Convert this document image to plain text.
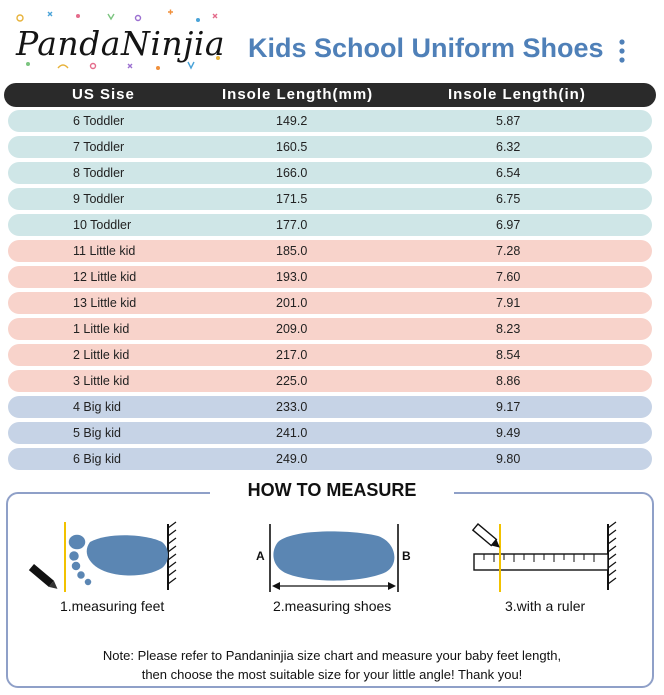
PandaNinjia Kids School Uniform Shoes
US Sise	Insole Length(mm)	Insole Length(in)
6 Toddler	149.2	5.87
7 Toddler	160.5	6.32
8 Toddler	166.0	6.54
9 Toddler	171.5	6.75
10 Toddler	177.0	6.97
11 Little kid	185.0	7.28
12 Little kid	193.0	7.60
13 Little kid	201.0	7.91
1 Little kid	209.0	8.23
2 Little kid	217.0	8.54
3 Little kid	225.0	8.86
4 Big kid	233.0	9.17
5 Big kid	241.0	9.49
6 Big kid	249.0	9.80
HOW TO MEASURE
1.measuring feet
A	B
2.measuring shoes	3.with a ruler
Note: Please refer to Pandaninjia size chart and measure your baby feet length,
then choose the most suitable size for your little angle! Thank you!
